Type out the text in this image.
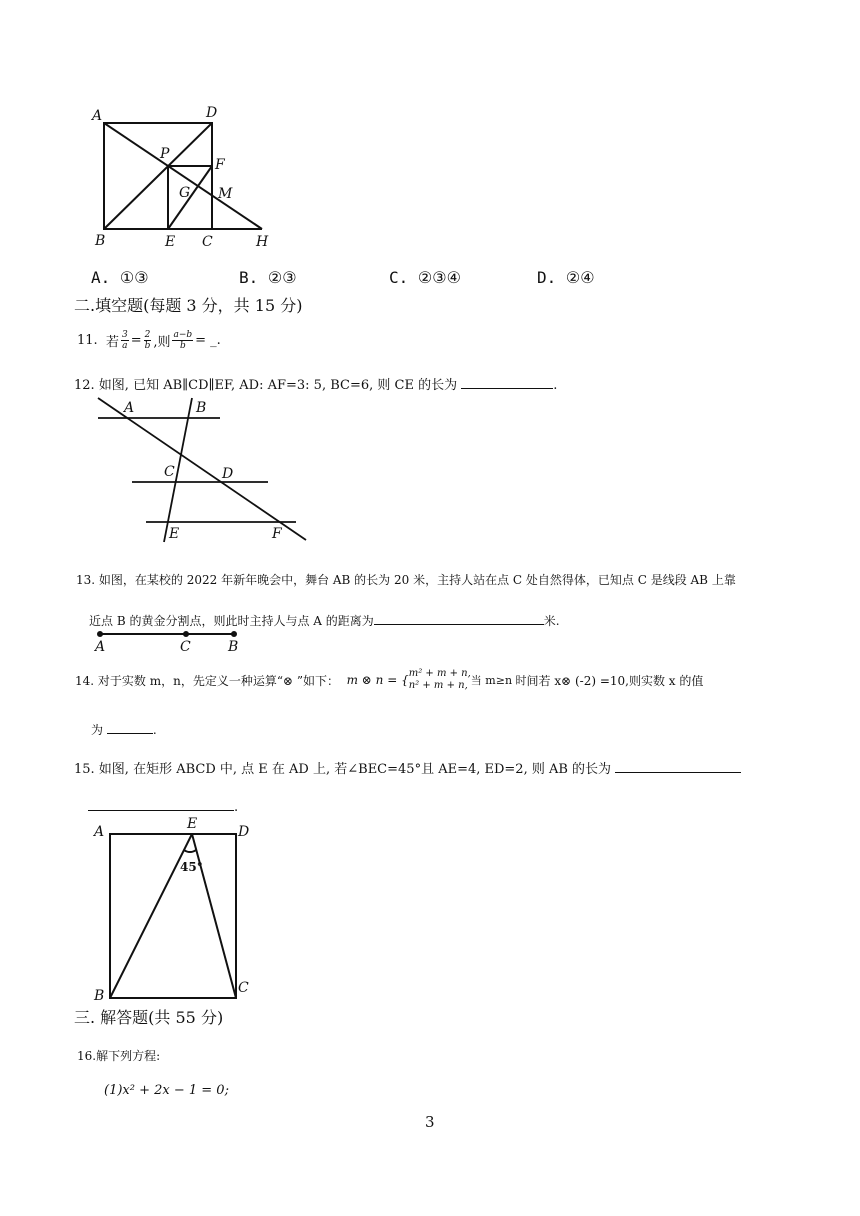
A	D
P
F
G M
B	E C	H
A. ①③	B. ②③	C. ②③④	D. ②④
二.填空题(每题 3 分，共 15 分)
11.
若 $\frac{3}{a} = \frac{2}{b}$ ,则 $\frac{a-b}{b}$ = _.
12. 如图, 已知 AB∥CD∥EF, AD: AF=3: 5, BC=6, 则 CE 的长为	.
A	B
C	D
E	F
13. 如图，在某校的 2022 年新年晚会中，舞台 AB 的长为 20 米，主持人站在点 C 处自然得体，已知点 C 是线段 AB 上靠
近点 B 的黄金分割点，则此时主持人与点 A 的距离为	米.
A	C	B
14. 对于实数 m，n，先定义一种运算“⊗ ”如下：
m ⊗ n = { m² + m + n,
n² + m + n, 当 m≥n 时 间若 x⊗ (-2) =10,则实数 x 的值
为	.
15. 如图, 在矩形 ABCD 中, 点 E 在 AD 上, 若∠BEC=45°且 AE=4, ED=2, 则 AB 的长为
.
A	E	D
B	C
45°
三. 解答题(共 55 分)
16.解下列方程:
(1)x² + 2x − 1 = 0;
3
